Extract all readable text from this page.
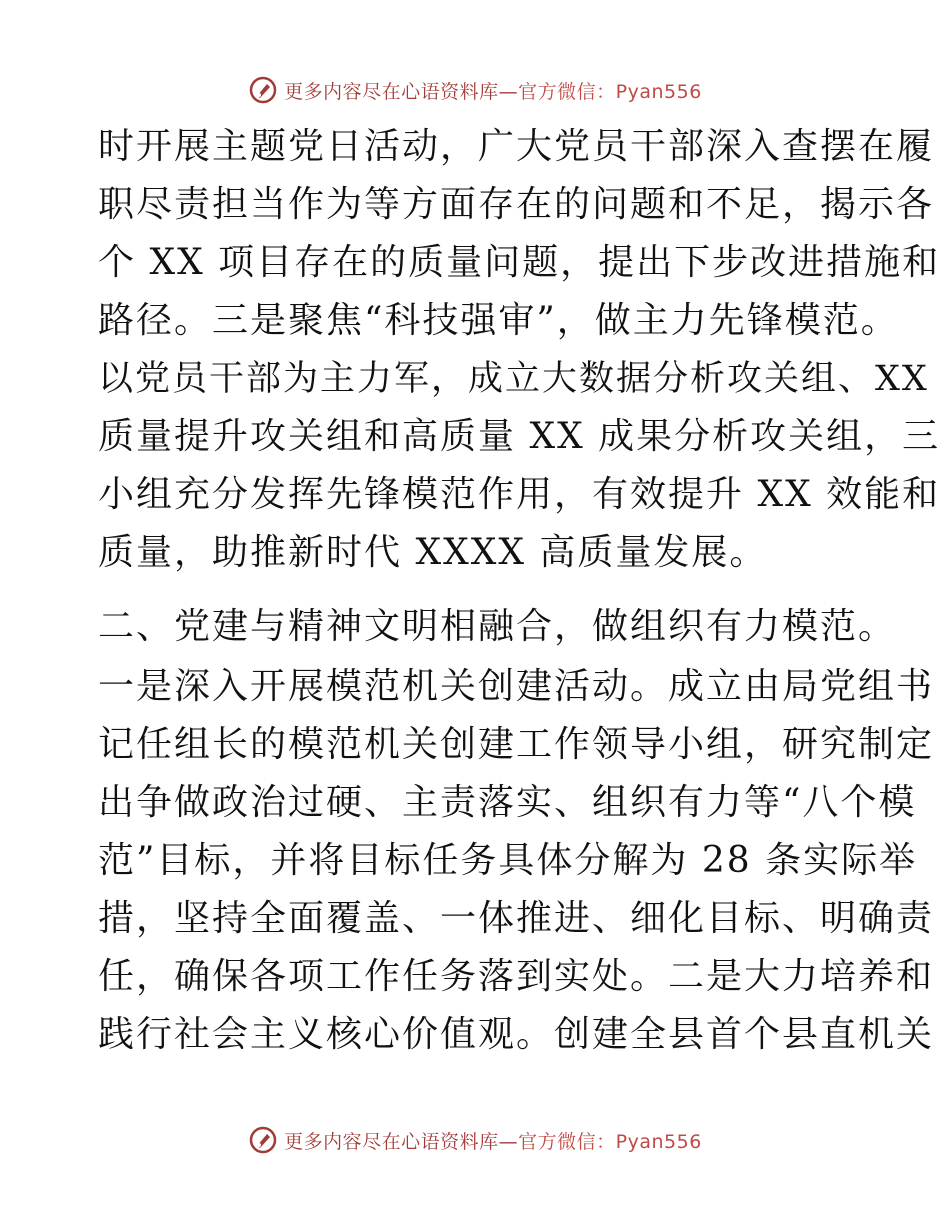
更多内容尽在心语资料库—官方微信：Pyan556
时开展主题党日活动，广大党员干部深入查摆在履
职尽责担当作为等方面存在的问题和不足，揭示各
个 XX 项目存在的质量问题，提出下步改进措施和
路径。三是聚焦“科技强审”，做主力先锋模范。
以党员干部为主力军，成立大数据分析攻关组、XX
质量提升攻关组和高质量 XX 成果分析攻关组，三
小组充分发挥先锋模范作用，有效提升 XX 效能和
质量，助推新时代 XXXX 高质量发展。
二、党建与精神文明相融合，做组织有力模范。
一是深入开展模范机关创建活动。成立由局党组书
记任组长的模范机关创建工作领导小组，研究制定
出争做政治过硬、主责落实、组织有力等“八个模
范”目标，并将目标任务具体分解为 28 条实际举
措，坚持全面覆盖、一体推进、细化目标、明确责
任，确保各项工作任务落到实处。二是大力培养和
践行社会主义核心价值观。创建全县首个县直机关
更多内容尽在心语资料库—官方微信：Pyan556
